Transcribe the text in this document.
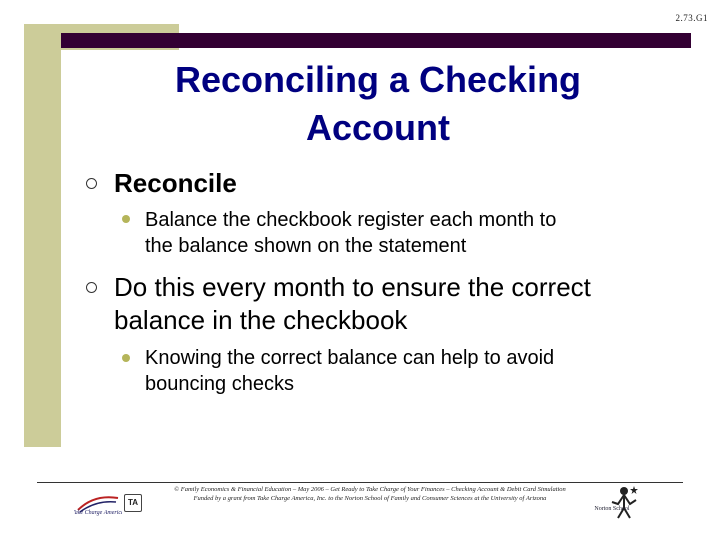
2.73.G1
Reconciling a Checking
Account
Reconcile
Balance the checkbook register each month to
the balance shown on the statement
Do this every month to ensure the correct
balance in the checkbook
Knowing the correct balance can help to avoid
bouncing checks
© Family Economics & Financial Education – May 2006 – Get Ready to Take Charge of Your Finances – Checking Account & Debit Card Simulation
Funded by a grant from Take Charge America, Inc. to the Norton School of Family and Consumer Sciences at the University of Arizona
Take Charge America
TA
Norton School
